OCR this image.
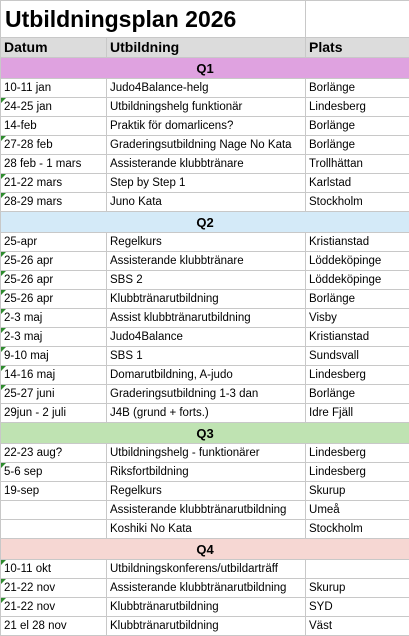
Utbildningsplan 2026		
Datum	Utbildning	Plats
Q1		
10-11 jan	Judo4Balance-helg	Borlänge
24-25 jan	Utbildningshelg funktionär	Lindesberg
14-feb	Praktik för domarlicens?	Borlänge
27-28 feb	Graderingsutbildning Nage No Kata	Borlänge
28 feb - 1 mars	Assisterande klubbtränare	Trollhättan
21-22 mars	Step by Step 1	Karlstad
28-29 mars	Juno Kata	Stockholm
Q2		
25-apr	Regelkurs	Kristianstad
25-26 apr	Assisterande klubbtränare	Löddeköpinge
25-26 apr	SBS 2	Löddeköpinge
25-26 apr	Klubbtränarutbildning	Borlänge
2-3 maj	Assist klubbtränarutbildning	Visby
2-3 maj	Judo4Balance	Kristianstad
9-10 maj	SBS 1	Sundsvall
14-16 maj	Domarutbildning, A-judo	Lindesberg
25-27 juni	Graderingsutbildning 1-3 dan	Borlänge
29jun - 2 juli	J4B (grund + forts.)	Idre Fjäll
Q3		
22-23 aug?	Utbildningshelg - funktionärer	Lindesberg
5-6 sep	Riksfortbildning	Lindesberg
19-sep	Regelkurs	Skurup
	Assisterande klubbtränarutbildning	Umeå
	Koshiki No Kata	Stockholm
Q4		
10-11 okt	Utbildningskonferens/utbildarträff	
21-22 nov	Assisterande klubbtränarutbildning	Skurup
21-22 nov	Klubbtränarutbildning	SYD
21 el 28 nov	Klubbtränarutbildning	Väst
